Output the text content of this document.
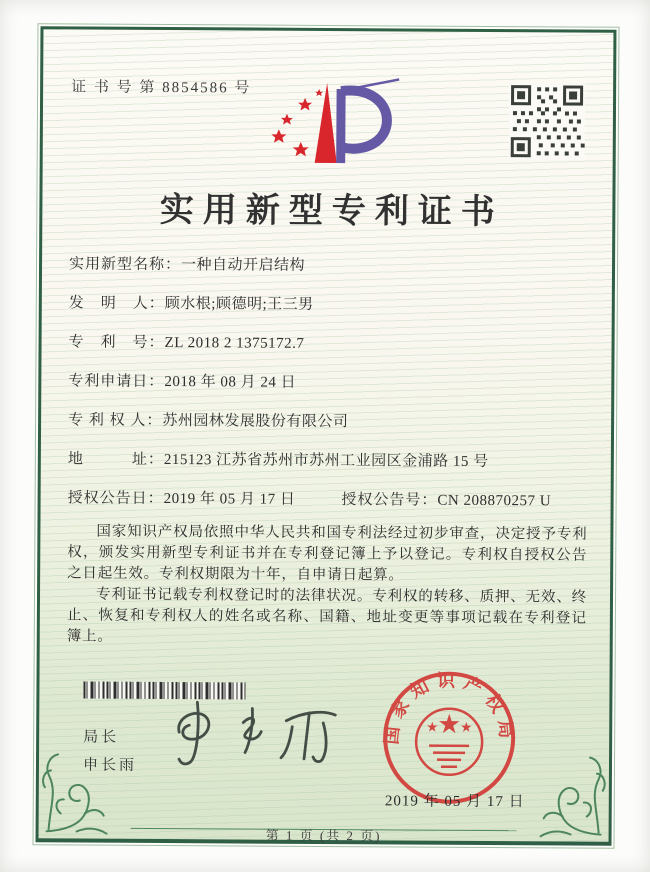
证 书 号 第 8854586 号
实用新型专利证书
实用新型名称：一种自动开启结构
发　明　人：顾水根;顾德明;王三男
专　利　号：ZL 2018 2 1375172.7
专利申请日：2018 年 08 月 24 日
专 利 权 人：苏州园林发展股份有限公司
地　　　址：215123 江苏省苏州市苏州工业园区金浦路 15 号
授权公告日：2019 年 05 月 17 日	授权公告号：CN 208870257 U

国家知识产权局依照中华人民共和国专利法经过初步审查，决定授予专利权，颁发实用新型专利证书并在专利登记簿上予以登记。专利权自授权公告之日起生效。专利权期限为十年，自申请日起算。

专利证书记载专利权登记时的法律状况。专利权的转移、质押、无效、终止、恢复和专利权人的姓名或名称、国籍、地址变更等事项记载在专利登记簿上。

局长
申长雨
国家知识产权局
2019 年 05 月 17 日
第 1 页 (共 2 页)
